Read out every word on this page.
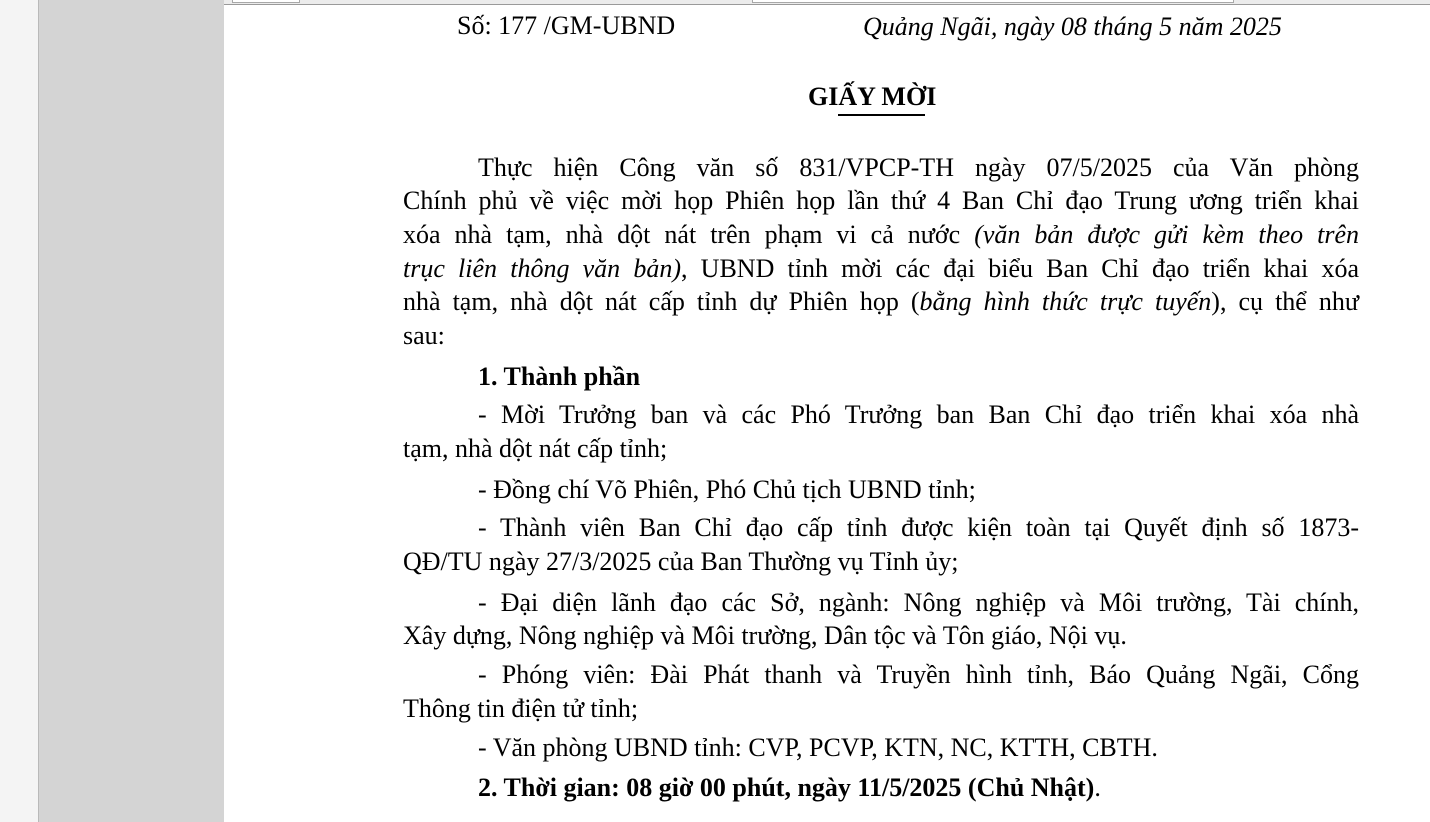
Số: 177 /GM-UBND	Quảng Ngãi, ngày 08 tháng 5 năm 2025
GIẤY MỜI
Thực hiện Công văn số 831/VPCP-TH ngày 07/5/2025 của Văn phòng
Chính phủ về việc mời họp Phiên họp lần thứ 4 Ban Chỉ đạo Trung ương triển khai
xóa nhà tạm, nhà dột nát trên phạm vi cả nước (văn bản được gửi kèm theo trên
trục liên thông văn bản), UBND tỉnh mời các đại biểu Ban Chỉ đạo triển khai xóa
nhà tạm, nhà dột nát cấp tỉnh dự Phiên họp (bằng hình thức trực tuyến), cụ thể như
sau:
1. Thành phần
- Mời Trưởng ban và các Phó Trưởng ban Ban Chỉ đạo triển khai xóa nhà
tạm, nhà dột nát cấp tỉnh;
- Đồng chí Võ Phiên, Phó Chủ tịch UBND tỉnh;
- Thành viên Ban Chỉ đạo cấp tỉnh được kiện toàn tại Quyết định số 1873-
QĐ/TU ngày 27/3/2025 của Ban Thường vụ Tỉnh ủy;
- Đại diện lãnh đạo các Sở, ngành: Nông nghiệp và Môi trường, Tài chính,
Xây dựng, Nông nghiệp và Môi trường, Dân tộc và Tôn giáo, Nội vụ.
- Phóng viên: Đài Phát thanh và Truyền hình tỉnh, Báo Quảng Ngãi, Cổng
Thông tin điện tử tỉnh;
- Văn phòng UBND tỉnh: CVP, PCVP, KTN, NC, KTTH, CBTH.
2. Thời gian: 08 giờ 00 phút, ngày 11/5/2025 (Chủ Nhật).
